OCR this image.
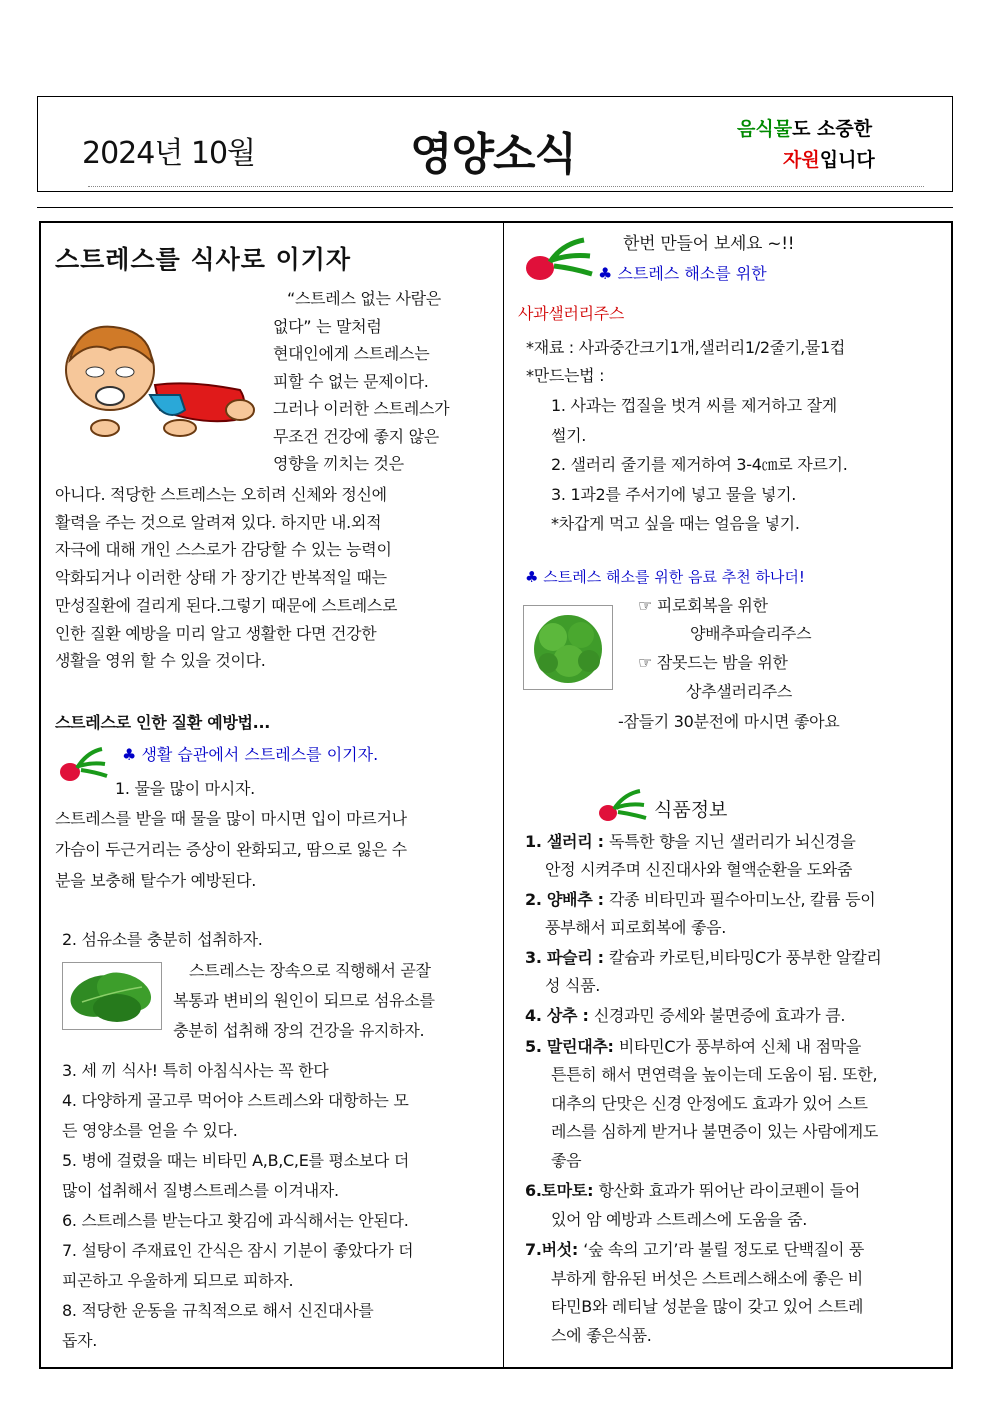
2024년 10월	영양소식	음식물도 소중한
자원입니다
스트레스를 식사로 이기자
“스트레스 없는 사람은
없다” 는 말처럼
현대인에게 스트레스는
피할 수 없는 문제이다.
그러나 이러한 스트레스가
무조건 건강에 좋지 않은
영향을 끼치는 것은
아니다. 적당한 스트레스는 오히려 신체와 정신에
활력을 주는 것으로 알려져 있다. 하지만 내.외적
자극에 대해 개인 스스로가 감당할 수 있는 능력이
악화되거나 이러한 상태 가 장기간 반복적일 때는
만성질환에 걸리게 된다.그렇기 때문에 스트레스로
인한 질환 예방을 미리 알고 생활한 다면 건강한
생활을 영위 할 수 있을 것이다.
스트레스로 인한 질환 예방법...
♣ 생활 습관에서 스트레스를 이기자.
1. 물을 많이 마시자.
스트레스를 받을 때 물을 많이 마시면 입이 마르거나
가슴이 두근거리는 증상이 완화되고, 땀으로 잃은 수
분을 보충해 탈수가 예방된다.
2. 섬유소를 충분히 섭취하자.
스트레스는 장속으로 직행해서 곧잘
복통과 변비의 원인이 되므로 섬유소를
충분히 섭취해 장의 건강을 유지하자.
3. 세 끼 식사! 특히 아침식사는 꼭 한다
4. 다양하게 골고루 먹어야 스트레스와 대항하는 모
든 영양소를 얻을 수 있다.
5. 병에 걸렸을 때는 비타민 A,B,C,E를 평소보다 더
많이 섭취해서 질병스트레스를 이겨내자.
6. 스트레스를 받는다고 홧김에 과식해서는 안된다.
7. 설탕이 주재료인 간식은 잠시 기분이 좋았다가 더
피곤하고 우울하게 되므로 피하자.
8. 적당한 운동을 규칙적으로 해서 신진대사를
돕자.
한번 만들어 보세요 ~!!
♣ 스트레스 해소를 위한
사과샐러리주스
*재료 : 사과중간크기1개,샐러리1/2줄기,물1컵
*만드는법 :
1. 사과는 껍질을 벗겨 씨를 제거하고 잘게
썰기.
2. 샐러리 줄기를 제거하여 3-4㎝로 자르기.
3. 1과2를 주서기에 넣고 물을 넣기.
*차갑게 먹고 싶을 때는 얼음을 넣기.
♣ 스트레스 해소를 위한 음료 추천 하나더!
☞ 피로회복을 위한
양배추파슬리주스
☞ 잠못드는 밤을 위한
상추샐러리주스
-잠들기 30분전에 마시면 좋아요
식품정보
1. 샐러리 : 독특한 향을 지닌 샐러리가 뇌신경을
안정 시켜주며 신진대사와 혈액순환을 도와줌
2. 양배추 : 각종 비타민과 필수아미노산, 칼륨 등이
풍부해서 피로회복에 좋음.
3. 파슬리 : 칼슘과 카로틴,비타밍C가 풍부한 알칼리
성 식품.
4. 상추 : 신경과민 증세와 불면증에 효과가 큼.
5. 말린대추: 비타민C가 풍부하여 신체 내 점막을
튼튼히 해서 면연력을 높이는데 도움이 됨. 또한,
대추의 단맛은 신경 안정에도 효과가 있어 스트
레스를 심하게 받거나 불면증이 있는 사람에게도
좋음
6.토마토: 항산화 효과가 뛰어난 라이코펜이 들어
있어 암 예방과 스트레스에 도움을 줌.
7.버섯: ‘숲 속의 고기’라 불릴 정도로 단백질이 풍
부하게 함유된 버섯은 스트레스해소에 좋은 비
타민B와 레티날 성분을 많이 갖고 있어 스트레
스에 좋은식품.
